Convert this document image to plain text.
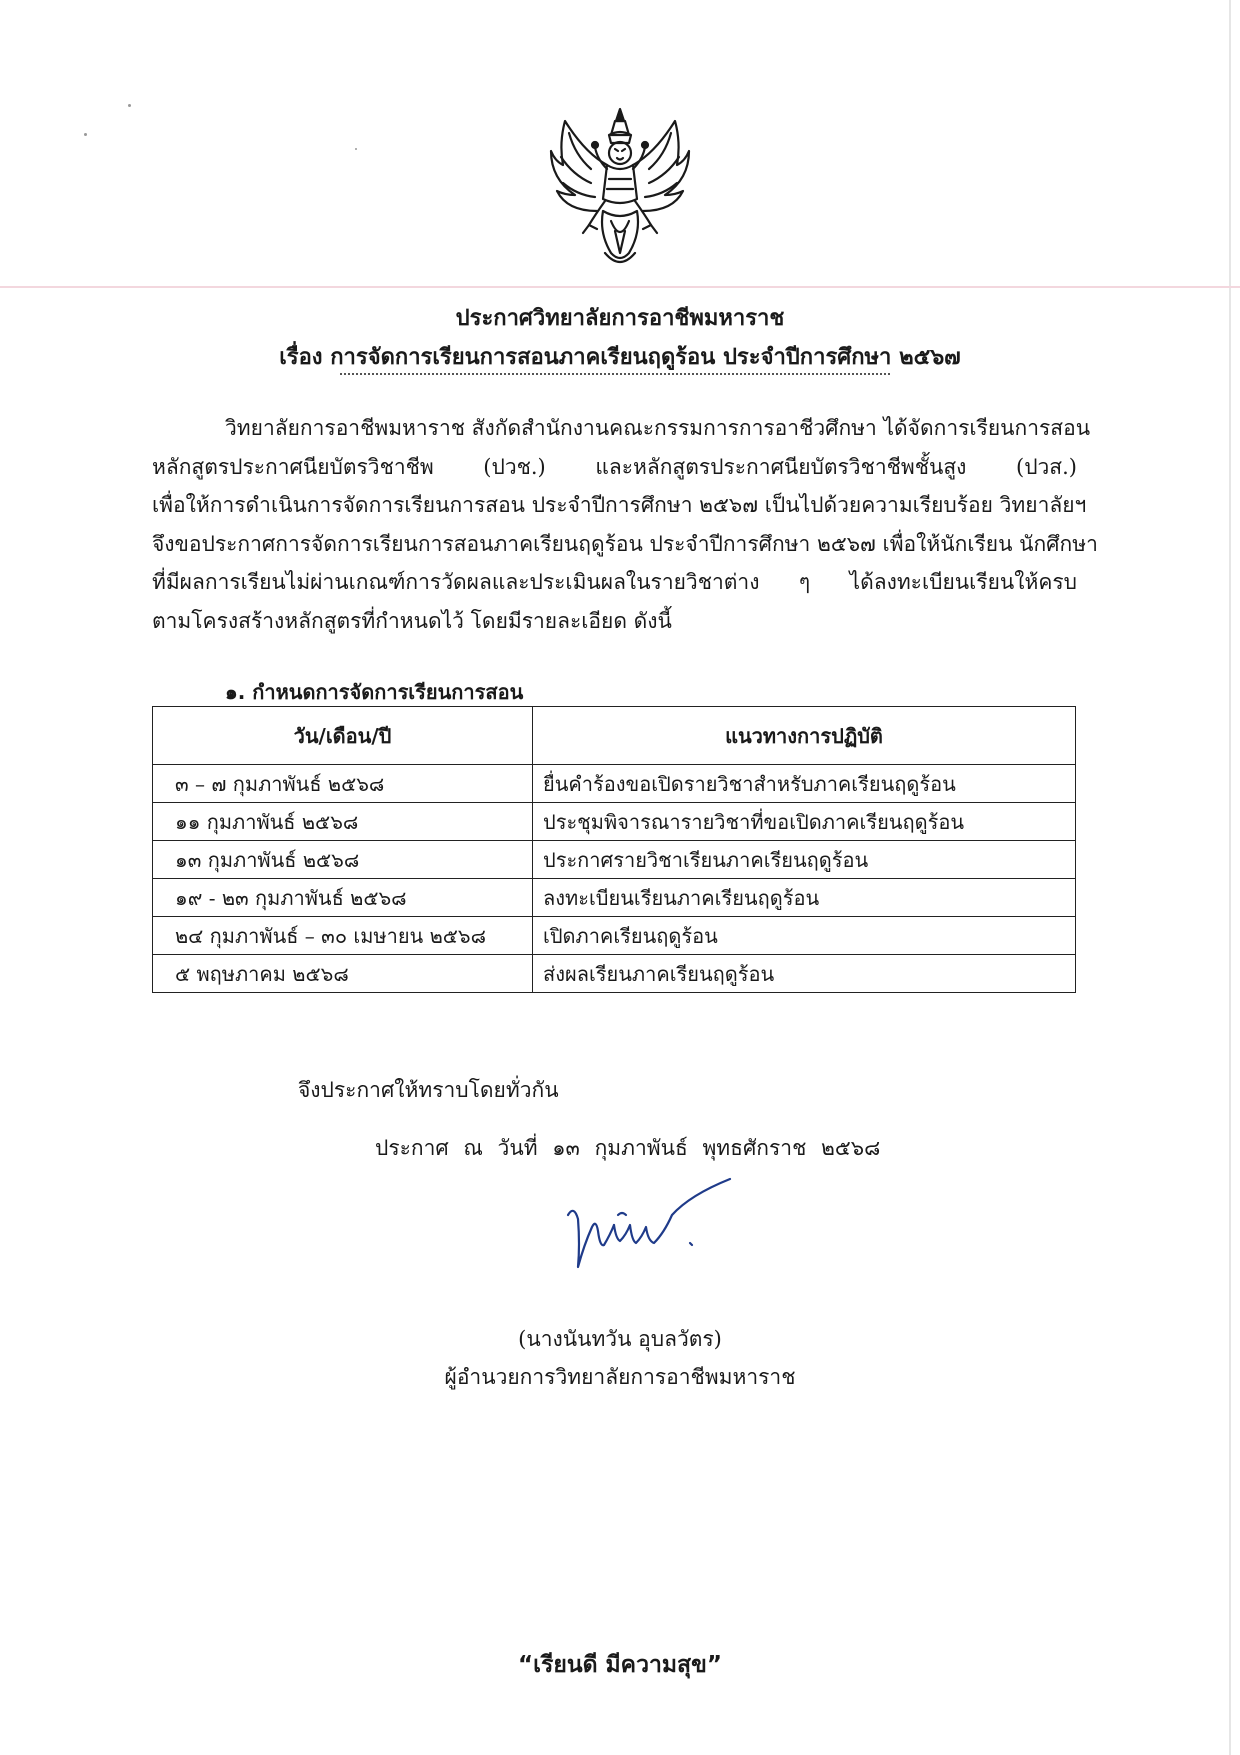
ประกาศวิทยาลัยการอาชีพมหาราช
เรื่อง การจัดการเรียนการสอนภาคเรียนฤดูร้อน ประจำปีการศึกษา ๒๕๖๗
วิทยาลัยการอาชีพมหาราช สังกัดสำนักงานคณะกรรมการการอาชีวศึกษา ได้จัดการเรียนการสอน
หลักสูตรประกาศนียบัตรวิชาชีพ (ปวช.) และหลักสูตรประกาศนียบัตรวิชาชีพชั้นสูง (ปวส.)
เพื่อให้การดำเนินการจัดการเรียนการสอน ประจำปีการศึกษา ๒๕๖๗ เป็นไปด้วยความเรียบร้อย วิทยาลัยฯ
จึงขอประกาศการจัดการเรียนการสอนภาคเรียนฤดูร้อน ประจำปีการศึกษา ๒๕๖๗ เพื่อให้นักเรียน นักศึกษา
ที่มีผลการเรียนไม่ผ่านเกณฑ์การวัดผลและประเมินผลในรายวิชาต่าง ๆ ได้ลงทะเบียนเรียนให้ครบ
ตามโครงสร้างหลักสูตรที่กำหนดไว้ โดยมีรายละเอียด ดังนี้
๑. กำหนดการจัดการเรียนการสอน
วัน/เดือน/ปี	แนวทางการปฏิบัติ
๓ – ๗ กุมภาพันธ์ ๒๕๖๘	ยื่นคำร้องขอเปิดรายวิชาสำหรับภาคเรียนฤดูร้อน
๑๑ กุมภาพันธ์ ๒๕๖๘	ประชุมพิจารณารายวิชาที่ขอเปิดภาคเรียนฤดูร้อน
๑๓ กุมภาพันธ์ ๒๕๖๘	ประกาศรายวิชาเรียนภาคเรียนฤดูร้อน
๑๙ - ๒๓ กุมภาพันธ์ ๒๕๖๘	ลงทะเบียนเรียนภาคเรียนฤดูร้อน
๒๔ กุมภาพันธ์ – ๓๐ เมษายน ๒๕๖๘	เปิดภาคเรียนฤดูร้อน
๕ พฤษภาคม ๒๕๖๘	ส่งผลเรียนภาคเรียนฤดูร้อน
จึงประกาศให้ทราบโดยทั่วกัน
ประกาศ ณ วันที่ ๑๓ กุมภาพันธ์ พุทธศักราช ๒๕๖๘
(นางนันทวัน อุบลวัตร)
ผู้อำนวยการวิทยาลัยการอาชีพมหาราช
“เรียนดี มีความสุข”
